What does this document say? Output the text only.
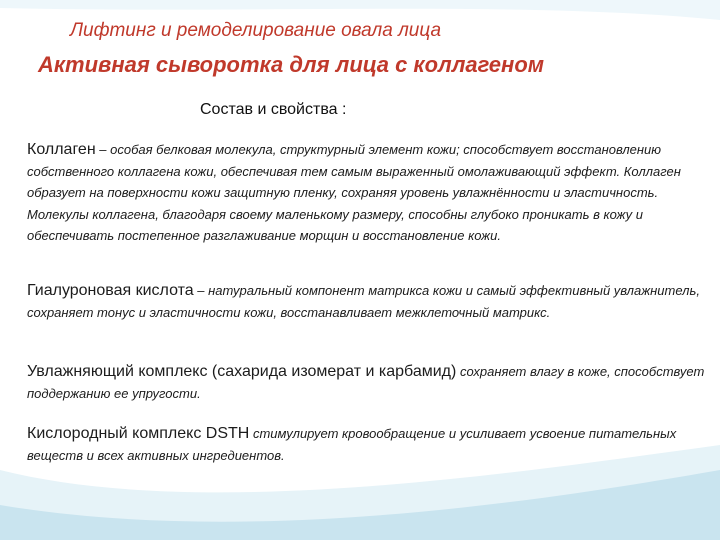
Лифтинг и ремоделирование овала лица
Активная сыворотка для лица с коллагеном
Состав и свойства :
Коллаген – особая белковая молекула, структурный элемент кожи; способствует восстановлению собственного коллагена кожи, обеспечивая тем самым выраженный омолаживающий эффект. Коллаген образует на поверхности кожи защитную пленку, сохраняя уровень увлажнённости и эластичность. Молекулы коллагена, благодаря своему маленькому размеру, способны глубоко проникать в кожу и обеспечивать постепенное разглаживание морщин и восстановление кожи.
Гиалуроновая кислота – натуральный компонент матрикса кожи и самый эффективный увлажнитель, сохраняет тонус и эластичности кожи, восстанавливает межклеточный матрикс.
Увлажняющий комплекс (сахарида изомерат и карбамид) сохраняет влагу в коже, способствует поддержанию ее упругости.
Кислородный комплекс DSTH стимулирует кровообращение и усиливает усвоение питательных веществ и всех активных ингредиентов.
